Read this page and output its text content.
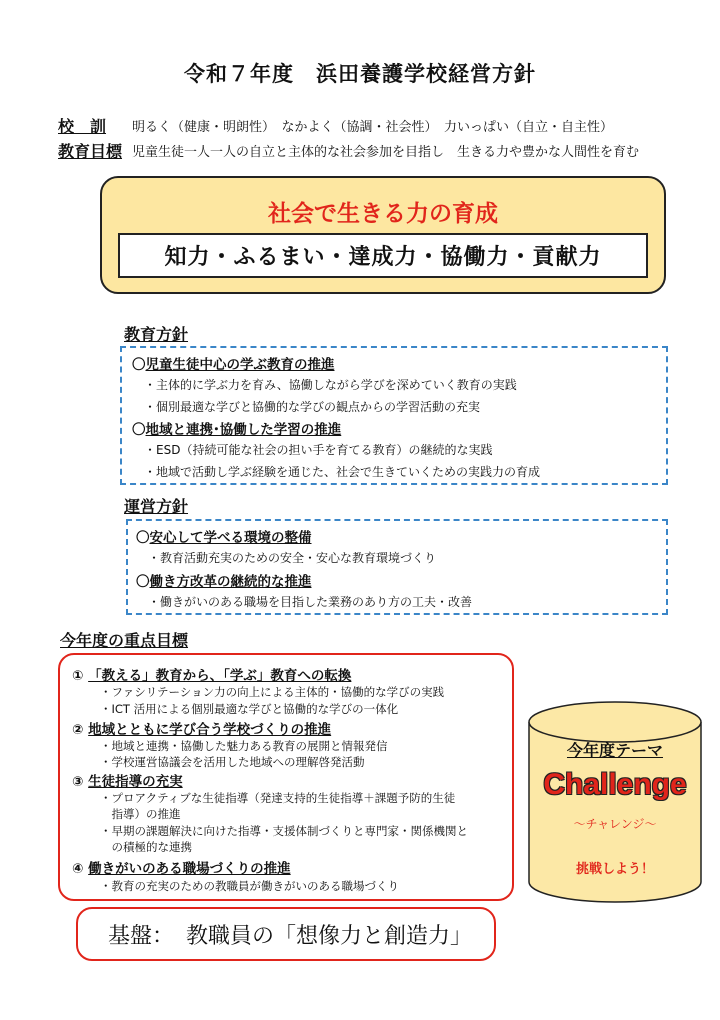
令和７年度　浜田養護学校経営方針
校　訓 明るく（健康・明朗性）　なかよく（協調・社会性）　力いっぱい（自立・自主性）
教育目標 児童生徒一人一人の自立と主体的な社会参加を目指し　生きる力や豊かな人間性を育む
社会で生きる力の育成
知力・ふるまい・達成力・協働力・貢献力
教育方針
〇児童生徒中心の学ぶ教育の推進
・主体的に学ぶ力を育み、協働しながら学びを深めていく教育の実践
・個別最適な学びと協働的な学びの観点からの学習活動の充実
〇地域と連携･協働した学習の推進
・ESD（持続可能な社会の担い手を育てる教育）の継続的な実践
・地域で活動し学ぶ経験を通じた、社会で生きていくための実践力の育成
運営方針
〇安心して学べる環境の整備
・教育活動充実のための安全・安心な教育環境づくり
〇働き方改革の継続的な推進
・働きがいのある職場を目指した業務のあり方の工夫・改善
今年度の重点目標
① 「教える」教育から、「学ぶ」教育への転換
・ファシリテーション力の向上による主体的・協働的な学びの実践
・ICT 活用による個別最適な学びと協働的な学びの一体化
② 地域とともに学び合う学校づくりの推進
・地域と連携・協働した魅力ある教育の展開と情報発信
・学校運営協議会を活用した地域への理解啓発活動
③ 生徒指導の充実
・プロアクティブな生徒指導（発達支持的生徒指導＋課題予防的生徒
　指導）の推進
・早期の課題解決に向けた指導・支援体制づくりと専門家・関係機関と
　の積極的な連携
④ 働きがいのある職場づくりの推進
・教育の充実のための教職員が働きがいのある職場づくり
今年度テーマ
Challenge
～チャレンジ～
挑戦しよう！
基盤： 教職員の「想像力と創造力」
